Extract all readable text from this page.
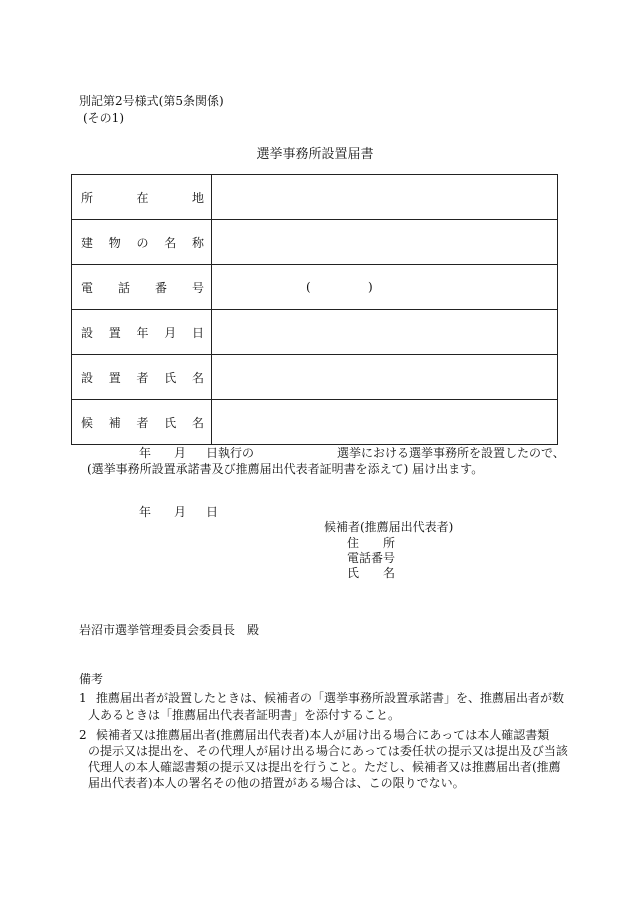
別記第2号様式(第5条関係)
(その1)
選挙事務所設置届書
所 在 地	

建 物 の 名 称	

電 話 番 号	( )

設 置 年 月 日	

設 置 者 氏 名	

候 補 者 氏 名	

年 月 日執行の	選挙における選挙事務所を設置したので、
(選挙事務所設置承諾書及び推薦届出代表者証明書を添えて) 届け出ます。
年 月 日
候補者(推薦届出代表者)
住　　所
電話番号
氏　　名
岩沼市選挙管理委員会委員長　殿
備考
1 推薦届出者が設置したときは、候補者の「選挙事務所設置承諾書」を、推薦届出者が数
人あるときは「推薦届出代表者証明書」を添付すること。
2 候補者又は推薦届出者(推薦届出代表者)本人が届け出る場合にあっては本人確認書類
の提示又は提出を、その代理人が届け出る場合にあっては委任状の提示又は提出及び当該
代理人の本人確認書類の提示又は提出を行うこと。ただし、候補者又は推薦届出者(推薦
届出代表者)本人の署名その他の措置がある場合は、この限りでない。
